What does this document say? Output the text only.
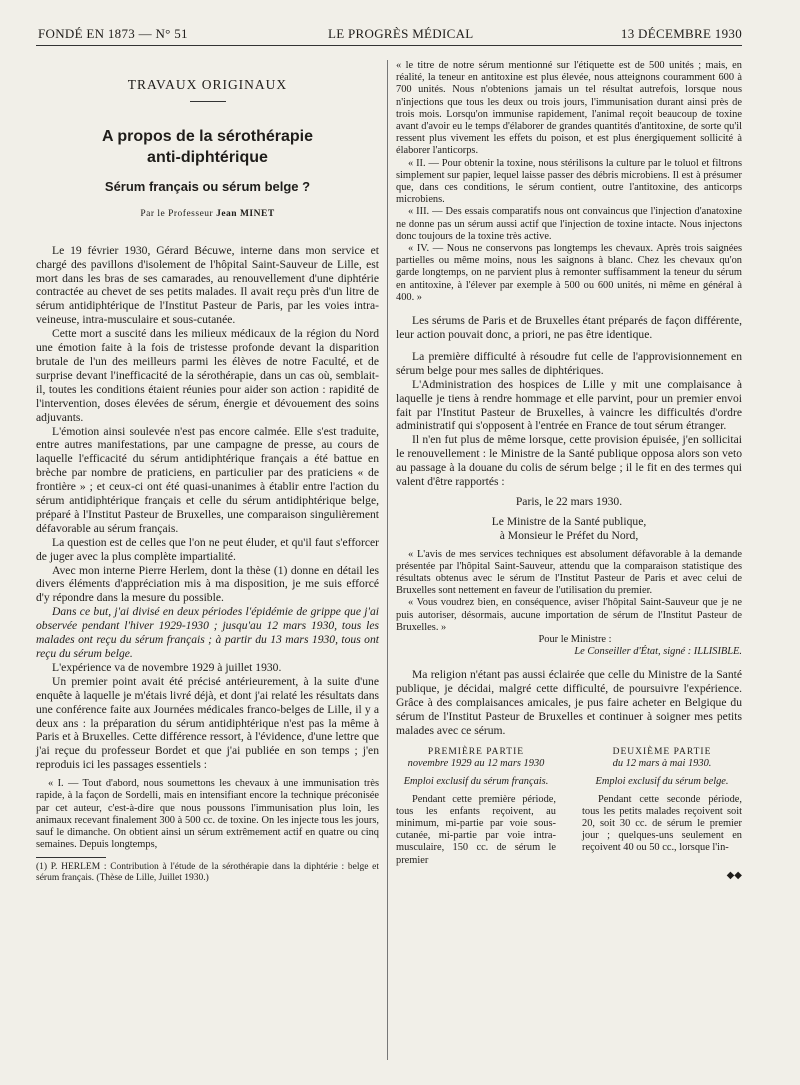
FONDÉ EN 1873 — N° 51	LE PROGRÈS MÉDICAL	13 DÉCEMBRE 1930
TRAVAUX ORIGINAUX
A propos de la sérothérapie
anti-diphtérique
Sérum français ou sérum belge ?
Par le Professeur Jean MINET

Le 19 février 1930, Gérard Bécuwe, interne dans mon service et chargé des pavillons d'isolement de l'hôpital Saint-Sauveur de Lille, est mort dans les bras de ses camarades, au renouvellement d'une diphtérie contractée au chevet de ses petits malades. Il avait reçu près d'un litre de sérum antidiphtérique de l'Institut Pasteur de Paris, par les voies intra-veineuse, intra-musculaire et sous-cutanée.

Cette mort a suscité dans les milieux médicaux de la région du Nord une émotion faite à la fois de tristesse profonde devant la disparition brutale de l'un des meilleurs parmi les élèves de notre Faculté, et de surprise devant l'inefficacité de la sérothérapie, dans un cas où, semblait-il, toutes les conditions étaient réunies pour aider son action : rapidité de l'intervention, doses élevées de sérum, énergie et dévouement des soins adjuvants.

L'émotion ainsi soulevée n'est pas encore calmée. Elle s'est traduite, entre autres manifestations, par une campagne de presse, au cours de laquelle l'efficacité du sérum antidiphtérique français a été battue en brèche par nombre de praticiens, en particulier par des praticiens « de frontière » ; et ceux-ci ont été quasi-unanimes à établir entre l'action du sérum antidiphtérique français et celle du sérum antidiphtérique belge, préparé à l'Institut Pasteur de Bruxelles, une comparaison singulièrement défavorable au sérum français.

La question est de celles que l'on ne peut éluder, et qu'il faut s'efforcer de juger avec la plus complète impartialité.

Avec mon interne Pierre Herlem, dont la thèse (1) donne en détail les divers éléments d'appréciation mis à ma disposition, je me suis efforcé d'y répondre dans la mesure du possible.

Dans ce but, j'ai divisé en deux périodes l'épidémie de grippe que j'ai observée pendant l'hiver 1929-1930 ; jusqu'au 12 mars 1930, tous les malades ont reçu du sérum français ; à partir du 13 mars 1930, tous ont reçu du sérum belge.

L'expérience va de novembre 1929 à juillet 1930.

Un premier point avait été précisé antérieurement, à la suite d'une enquête à laquelle je m'étais livré déjà, et dont j'ai relaté les résultats dans une conférence faite aux Journées médicales franco-belges de Lille, il y a deux ans : la préparation du sérum antidiphtérique n'est pas la même à Paris et à Bruxelles. Cette différence ressort, à l'évidence, d'une lettre que j'ai reçue du professeur Bordet et que j'ai publiée en son temps ; j'en reproduis ici les passages essentiels :

« I. — Tout d'abord, nous soumettons les chevaux à une immunisation très rapide, à la façon de Sordelli, mais en intensifiant encore la technique préconisée par cet auteur, c'est-à-dire que nous poussons l'immunisation plus loin, les animaux recevant finalement 300 à 500 cc. de toxine. On les injecte tous les jours, sauf le dimanche. On obtient ainsi un sérum extrêmement actif en quatre ou cinq semaines. Depuis longtemps,

(1) P. HERLEM : Contribution à l'étude de la sérothérapie dans la diphtérie : belge et sérum français. (Thèse de Lille, Juillet 1930.)

« le titre de notre sérum mentionné sur l'étiquette est de 500 unités ; mais, en réalité, la teneur en antitoxine est plus élevée, nous atteignons couramment 600 à 700 unités. Nous n'obtenions jamais un tel résultat autrefois, lorsque nous n'injections que tous les deux ou trois jours, l'immunisation durant ainsi près de trois mois. Lorsqu'on immunise rapidement, l'animal reçoit beaucoup de toxine avant d'avoir eu le temps d'élaborer de grandes quantités d'antitoxine, de sorte qu'il ressent plus vivement les effets du poison, et est plus énergiquement sollicité à élaborer l'anticorps.

« II. — Pour obtenir la toxine, nous stérilisons la culture par le toluol et filtrons simplement sur papier, lequel laisse passer des débris microbiens. Il est à présumer que, dans ces conditions, le sérum contient, outre l'antitoxine, des anticorps microbiens.

« III. — Des essais comparatifs nous ont convaincus que l'injection d'anatoxine ne donne pas un sérum aussi actif que l'injection de toxine intacte. Nous injectons donc toujours de la toxine très active.

« IV. — Nous ne conservons pas longtemps les chevaux. Après trois saignées partielles ou même moins, nous les saignons à blanc. Chez les chevaux qu'on garde longtemps, on ne parvient plus à remonter suffisamment la teneur du sérum en antitoxine, à l'élever par exemple à 500 ou 600 unités, ni même en général à 400. »

Les sérums de Paris et de Bruxelles étant préparés de façon différente, leur action pouvait donc, a priori, ne pas être identique.

La première difficulté à résoudre fut celle de l'approvisionnement en sérum belge pour mes salles de diphtériques.

L'Administration des hospices de Lille y mit une complaisance à laquelle je tiens à rendre hommage et elle parvint, pour un premier envoi fait par l'Institut Pasteur de Bruxelles, à vaincre les difficultés d'ordre administratif qui s'opposent à l'entrée en France de tout sérum étranger.

Il n'en fut plus de même lorsque, cette provision épuisée, j'en sollicitai le renouvellement : le Ministre de la Santé publique opposa alors son veto au passage à la douane du colis de sérum belge ; il le fit en des termes qui valent d'être rapportés :

Paris, le 22 mars 1930.

Le Ministre de la Santé publique,

à Monsieur le Préfet du Nord,

« L'avis de mes services techniques est absolument défavorable à la demande présentée par l'hôpital Saint-Sauveur, attendu que la comparaison statistique des résultats obtenus avec le sérum de l'Institut Pasteur de Paris et avec celui de Bruxelles sont nettement en faveur de l'utilisation du premier.

« Vous voudrez bien, en conséquence, aviser l'hôpital Saint-Sauveur que je ne puis autoriser, désormais, aucune importation de sérum de l'Institut Pasteur de Bruxelles. »

Pour le Ministre :

Le Conseiller d'État, signé : ILLISIBLE.

Ma religion n'étant pas aussi éclairée que celle du Ministre de la Santé publique, je décidai, malgré cette difficulté, de poursuivre l'expérience. Grâce à des complaisances amicales, je pus faire acheter en Belgique du sérum de l'Institut Pasteur de Bruxelles et continuer à soigner mes petits malades avec ce sérum.

PREMIÈRE PARTIE
novembre 1929 au 12 mars 1930
Emploi exclusif du sérum français.

Pendant cette première période, tous les enfants reçoivent, au minimum, mi-partie par voie sous-cutanée, mi-partie par voie intra-musculaire, 150 cc. de sérum le premier

DEUXIÈME PARTIE
du 12 mars à mai 1930.
Emploi exclusif du sérum belge.

Pendant cette seconde période, tous les petits malades reçoivent soit 20, soit 30 cc. de sérum le premier jour ; quelques-uns seulement en reçoivent 40 ou 50 cc., lorsque l'in-

◆◆
